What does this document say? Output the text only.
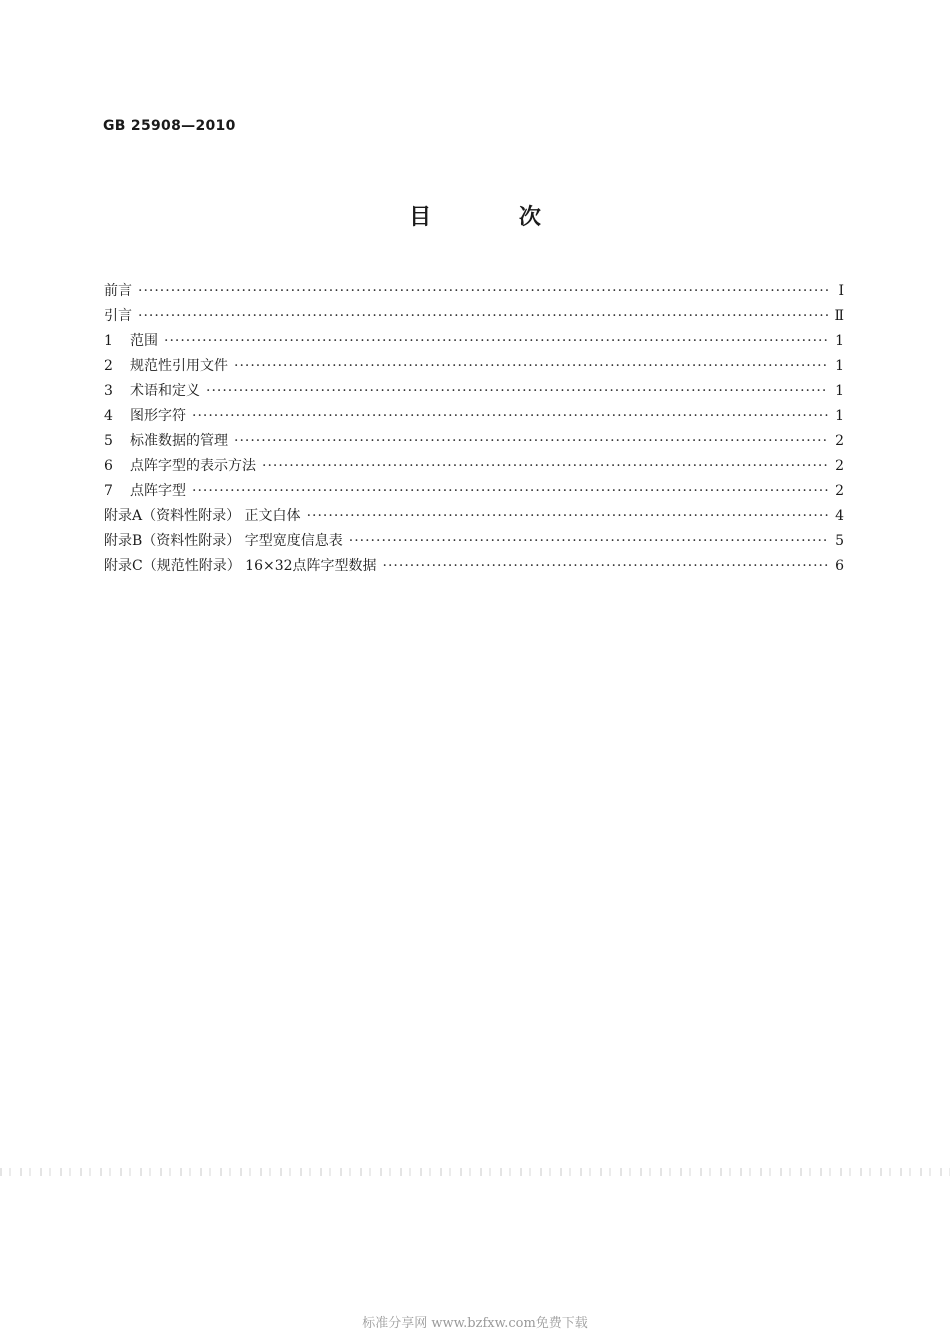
GB 25908—2010
目 次
前言 ·····	Ⅰ
引言 ·····	Ⅱ
1 范围 ·····	1
2 规范性引用文件 ·····	1
3 术语和定义 ·····	1
4 图形字符 ·····	1
5 标准数据的管理 ·····	2
6 点阵字型的表示方法 ·····	2
7 点阵字型 ·····	2
附录A（资料性附录） 正文白体 ·····	4
附录B（资料性附录） 字型宽度信息表 ·····	5
附录C（规范性附录） 16×32点阵字型数据 ·····	6
标准分享网 www.bzfxw.com免费下载
